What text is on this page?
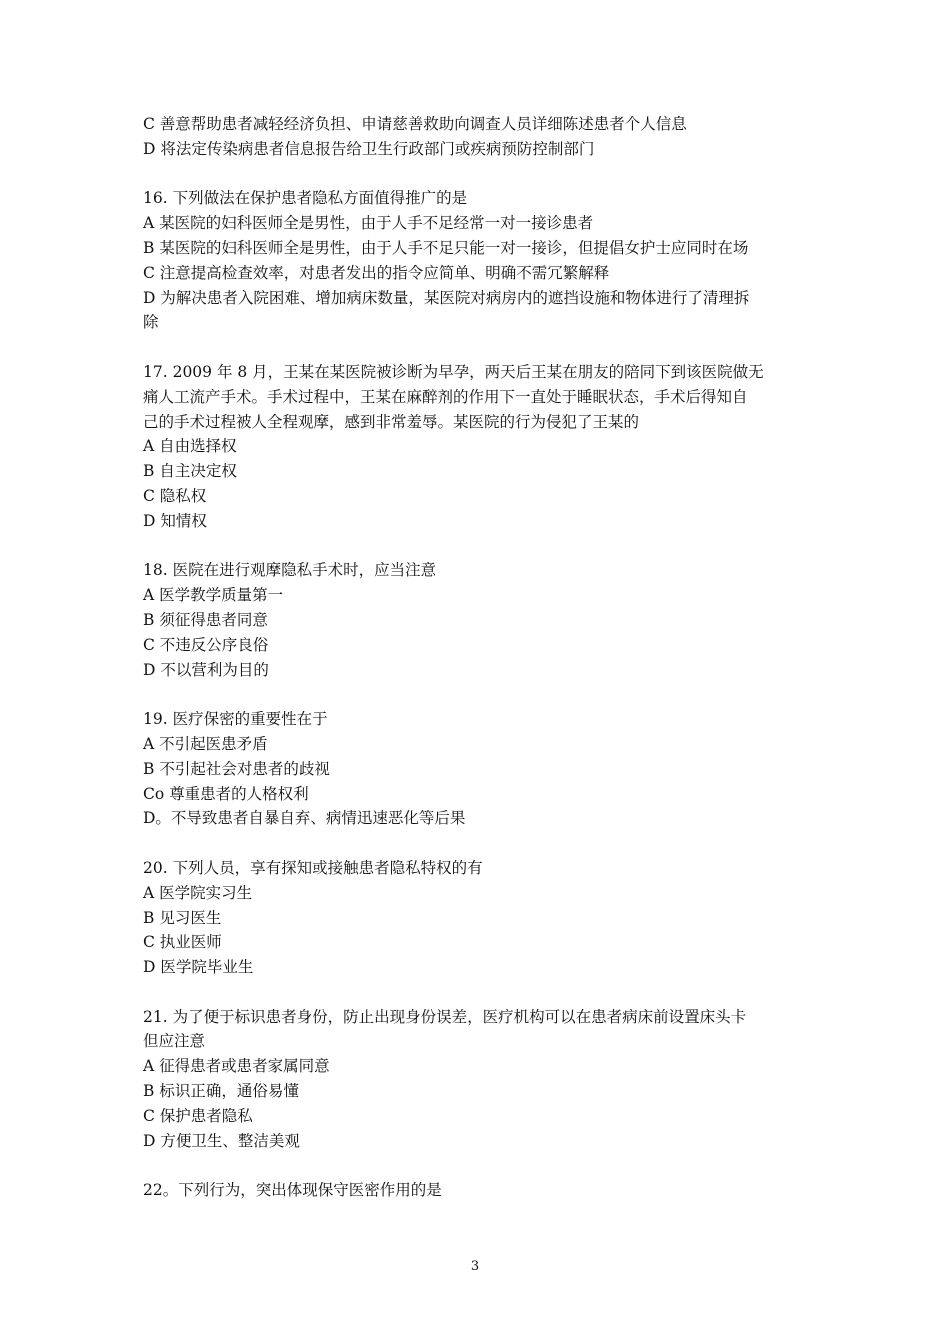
C 善意帮助患者减轻经济负担、申请慈善救助向调查人员详细陈述患者个人信息
D 将法定传染病患者信息报告给卫生行政部门或疾病预防控制部门
16. 下列做法在保护患者隐私方面值得推广的是
A 某医院的妇科医师全是男性，由于人手不足经常一对一接诊患者
B 某医院的妇科医师全是男性，由于人手不足只能一对一接诊，但提倡女护士应同时在场
C 注意提高检查效率，对患者发出的指令应简单、明确不需冗繁解释
D 为解决患者入院困难、增加病床数量，某医院对病房内的遮挡设施和物体进行了清理拆
除
17. 2009 年 8 月，王某在某医院被诊断为早孕，两天后王某在朋友的陪同下到该医院做无
痛人工流产手术。手术过程中，王某在麻醉剂的作用下一直处于睡眠状态，手术后得知自
己的手术过程被人全程观摩，感到非常羞辱。某医院的行为侵犯了王某的
A 自由选择权
B 自主决定权
C 隐私权
D 知情权
18. 医院在进行观摩隐私手术时，应当注意
A 医学教学质量第一
B 须征得患者同意
C 不违反公序良俗
D 不以营利为目的
19. 医疗保密的重要性在于
A 不引起医患矛盾
B 不引起社会对患者的歧视
Co 尊重患者的人格权利
D。不导致患者自暴自弃、病情迅速恶化等后果
20. 下列人员，享有探知或接触患者隐私特权的有
A 医学院实习生
B 见习医生
C 执业医师
D 医学院毕业生
21. 为了便于标识患者身份，防止出现身份误差，医疗机构可以在患者病床前设置床头卡
但应注意
A 征得患者或患者家属同意
B 标识正确，通俗易懂
C 保护患者隐私
D 方便卫生、整洁美观
22。下列行为，突出体现保守医密作用的是
3
